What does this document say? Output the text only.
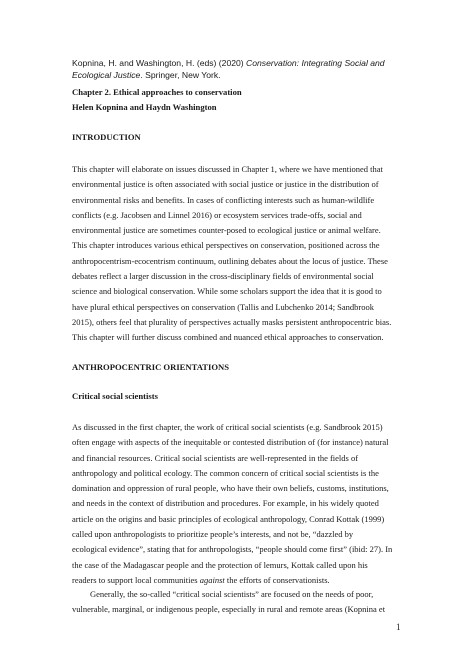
Kopnina, H. and Washington, H. (eds) (2020) Conservation: Integrating Social and
Ecological Justice. Springer, New York.
Chapter 2. Ethical approaches to conservation
Helen Kopnina and Haydn Washington
INTRODUCTION
This chapter will elaborate on issues discussed in Chapter 1, where we have mentioned that
environmental justice is often associated with social justice or justice in the distribution of
environmental risks and benefits. In cases of conflicting interests such as human-wildlife
conflicts (e.g. Jacobsen and Linnel 2016) or ecosystem services trade-offs, social and
environmental justice are sometimes counter-posed to ecological justice or animal welfare.
This chapter introduces various ethical perspectives on conservation, positioned across the
anthropocentrism-ecocentrism continuum, outlining debates about the locus of justice. These
debates reflect a larger discussion in the cross-disciplinary fields of environmental social
science and biological conservation. While some scholars support the idea that it is good to
have plural ethical perspectives on conservation (Tallis and Lubchenko 2014; Sandbrook
2015), others feel that plurality of perspectives actually masks persistent anthropocentric bias.
This chapter will further discuss combined and nuanced ethical approaches to conservation.
ANTHROPOCENTRIC ORIENTATIONS
Critical social scientists
As discussed in the first chapter, the work of critical social scientists (e.g. Sandbrook 2015)
often engage with aspects of the inequitable or contested distribution of (for instance) natural
and financial resources. Critical social scientists are well-represented in the fields of
anthropology and political ecology. The common concern of critical social scientists is the
domination and oppression of rural people, who have their own beliefs, customs, institutions,
and needs in the context of distribution and procedures. For example, in his widely quoted
article on the origins and basic principles of ecological anthropology, Conrad Kottak (1999)
called upon anthropologists to prioritize people’s interests, and not be, “dazzled by
ecological evidence”, stating that for anthropologists, “people should come first” (ibid: 27). In
the case of the Madagascar people and the protection of lemurs, Kottak called upon his
readers to support local communities against the efforts of conservationists.
Generally, the so-called “critical social scientists” are focused on the needs of poor,
vulnerable, marginal, or indigenous people, especially in rural and remote areas (Kopnina et
1
